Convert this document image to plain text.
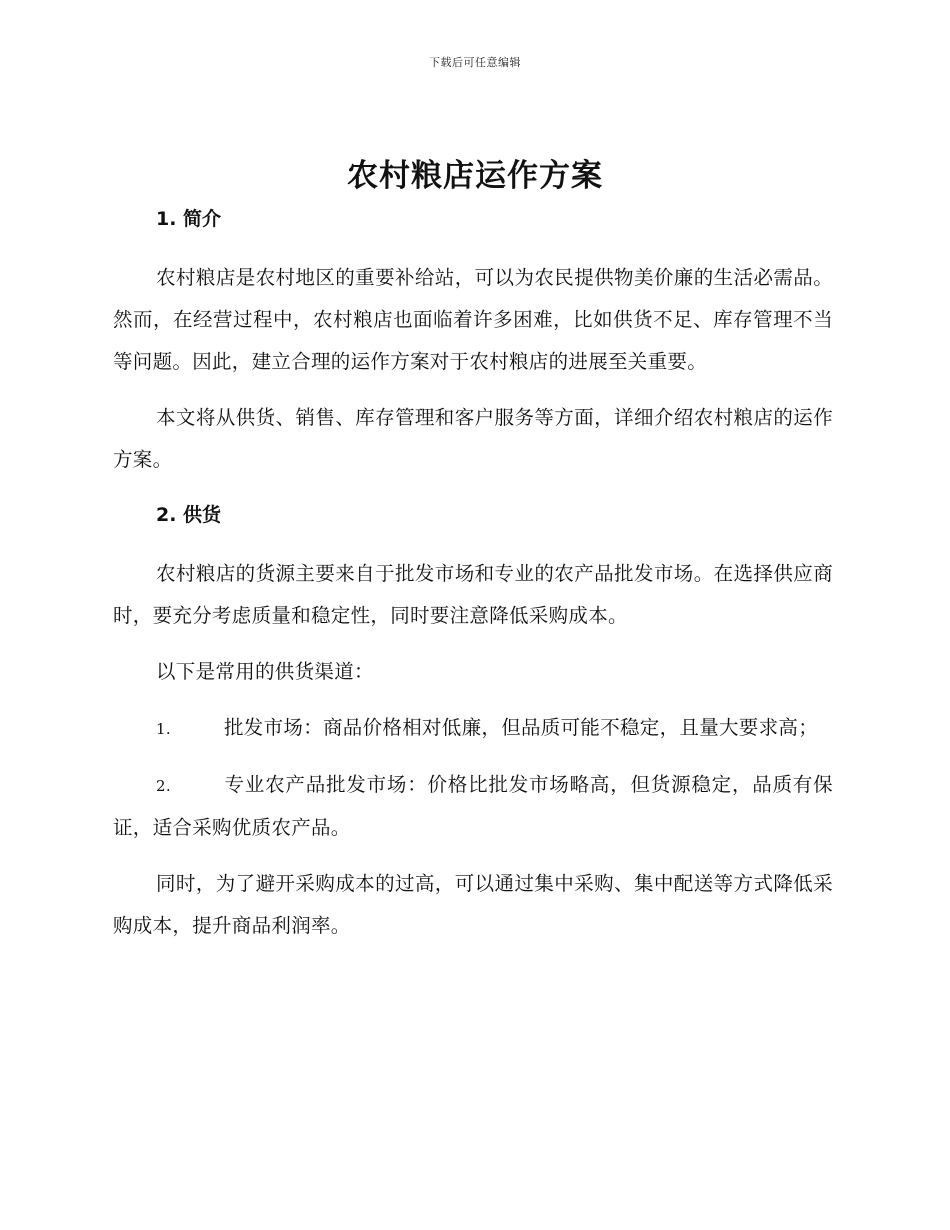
下载后可任意编辑
农村粮店运作方案
1. 简介

农村粮店是农村地区的重要补给站，可以为农民提供物美价廉的生活必需品。然而，在经营过程中，农村粮店也面临着许多困难，比如供货不足、库存管理不当等问题。因此，建立合理的运作方案对于农村粮店的进展至关重要。

本文将从供货、销售、库存管理和客户服务等方面，详细介绍农村粮店的运作方案。

2. 供货

农村粮店的货源主要来自于批发市场和专业的农产品批发市场。在选择供应商时，要充分考虑质量和稳定性，同时要注意降低采购成本。

以下是常用的供货渠道：

1.	批发市场：商品价格相对低廉，但品质可能不稳定，且量大要求高；

2.	专业农产品批发市场：价格比批发市场略高，但货源稳定，品质有保证，适合采购优质农产品。

同时，为了避开采购成本的过高，可以通过集中采购、集中配送等方式降低采购成本，提升商品利润率。
